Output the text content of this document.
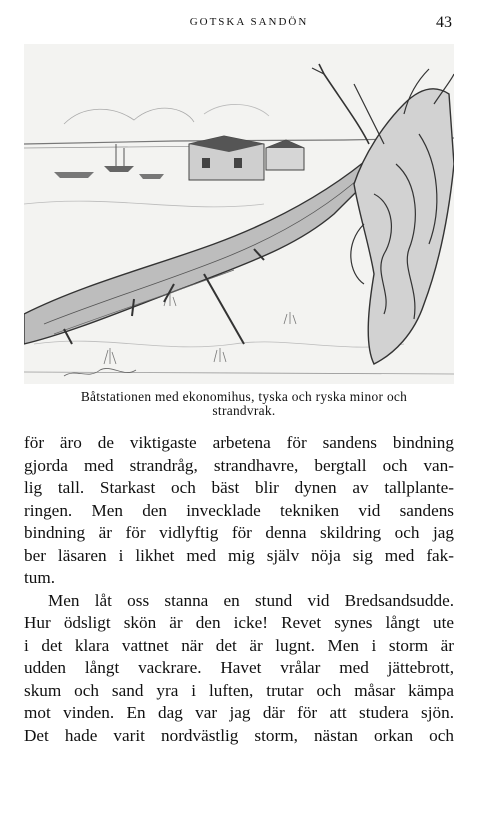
GOTSKA SANDÖN	43
Båtstationen med ekonomihus, tyska och ryska minor och
strandvrak.
för äro de viktigaste arbetena för sandens bindning
gjorda med strandråg, strandhavre, bergtall och van-
lig tall. Starkast och bäst blir dynen av tallplante-
ringen. Men den invecklade tekniken vid sandens
bindning är för vidlyftig för denna skildring och jag
ber läsaren i likhet med mig själv nöja sig med fak-
tum.
Men låt oss stanna en stund vid Bredsandsudde.
Hur ödsligt skön är den icke! Revet synes långt ute
i det klara vattnet när det är lugnt. Men i storm är
udden långt vackrare. Havet vrålar med jättebrott,
skum och sand yra i luften, trutar och måsar kämpa
mot vinden. En dag var jag där för att studera sjön.
Det hade varit nordvästlig storm, nästan orkan och
